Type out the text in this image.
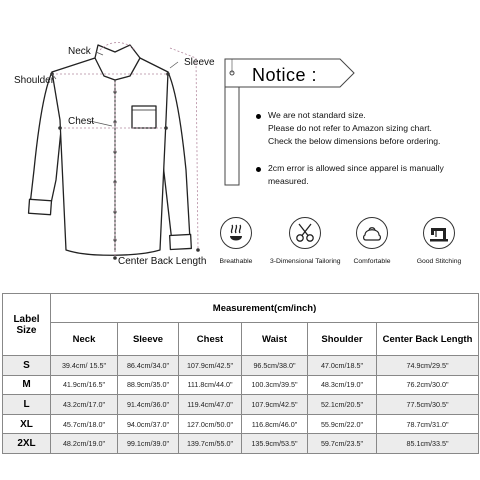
Neck
Sleeve
Shoulder
Chest
Center Back Length
Notice :
We are not standard size.
Please do not refer to Amazon sizing chart.
Check the below dimensions before ordering.
2cm error is allowed since apparel is manually
measured.
Breathable	3-Dimensional Tailoring	Comfortable	Good Stitching
Label
Size	Measurement(cm/inch)					
	Neck	Sleeve	Chest	Waist	Shoulder	Center Back Length
S	39.4cm/ 15.5"	86.4cm/34.0"	107.9cm/42.5"	96.5cm/38.0"	47.0cm/18.5"	74.9cm/29.5"
M	41.9cm/16.5"	88.9cm/35.0"	111.8cm/44.0"	100.3cm/39.5"	48.3cm/19.0"	76.2cm/30.0"
L	43.2cm/17.0"	91.4cm/36.0"	119.4cm/47.0"	107.9cm/42.5"	52.1cm/20.5"	77.5cm/30.5"
XL	45.7cm/18.0"	94.0cm/37.0"	127.0cm/50.0"	116.8cm/46.0"	55.9cm/22.0"	78.7cm/31.0"
2XL	48.2cm/19.0"	99.1cm/39.0"	139.7cm/55.0"	135.9cm/53.5"	59.7cm/23.5"	85.1cm/33.5"
